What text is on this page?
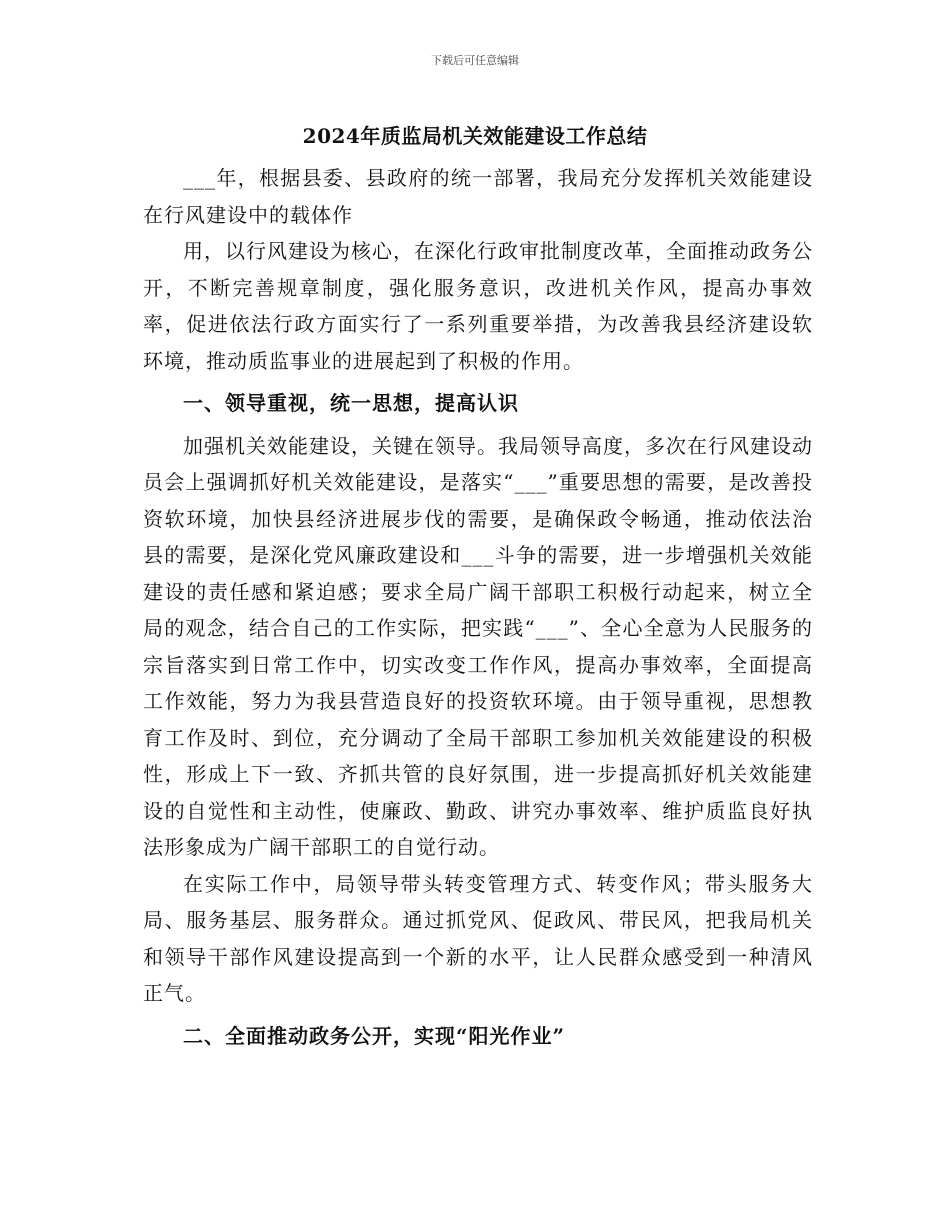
下载后可任意编辑
2024年质监局机关效能建设工作总结

___年，根据县委、县政府的统一部署，我局充分发挥机关效能建设在行风建设中的载体作

用，以行风建设为核心，在深化行政审批制度改革，全面推动政务公开，不断完善规章制度，强化服务意识，改进机关作风，提高办事效率，促进依法行政方面实行了一系列重要举措，为改善我县经济建设软环境，推动质监事业的进展起到了积极的作用。

一、领导重视，统一思想，提高认识

加强机关效能建设，关键在领导。我局领导高度，多次在行风建设动员会上强调抓好机关效能建设，是落实“___”重要思想的需要，是改善投资软环境，加快县经济进展步伐的需要，是确保政令畅通，推动依法治县的需要，是深化党风廉政建设和___斗争的需要，进一步增强机关效能建设的责任感和紧迫感；要求全局广阔干部职工积极行动起来，树立全局的观念，结合自己的工作实际，把实践“___”、全心全意为人民服务的宗旨落实到日常工作中，切实改变工作作风，提高办事效率，全面提高工作效能，努力为我县营造良好的投资软环境。由于领导重视，思想教育工作及时、到位，充分调动了全局干部职工参加机关效能建设的积极性，形成上下一致、齐抓共管的良好氛围，进一步提高抓好机关效能建设的自觉性和主动性，使廉政、勤政、讲究办事效率、维护质监良好执法形象成为广阔干部职工的自觉行动。

在实际工作中，局领导带头转变管理方式、转变作风；带头服务大局、服务基层、服务群众。通过抓党风、促政风、带民风，把我局机关和领导干部作风建设提高到一个新的水平，让人民群众感受到一种清风正气。

二、全面推动政务公开，实现“阳光作业”
